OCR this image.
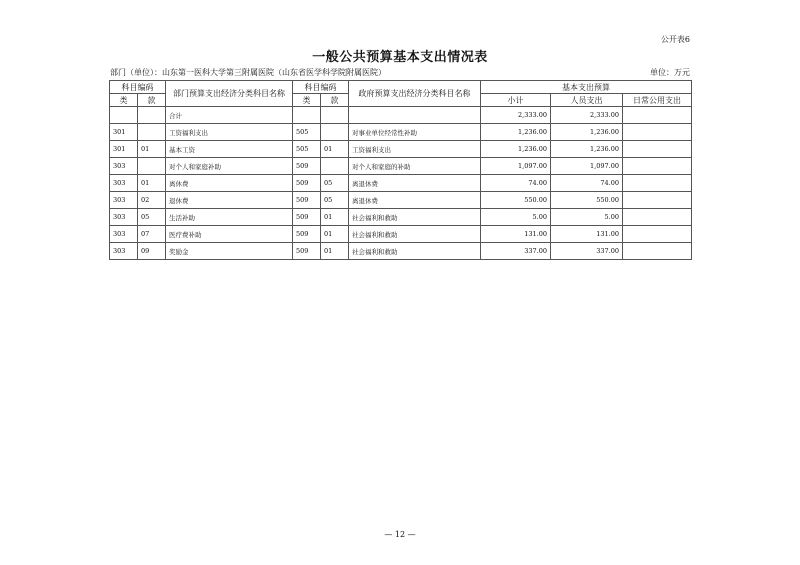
公开表6
一般公共预算基本支出情况表
部门（单位）：山东第一医科大学第三附属医院（山东省医学科学院附属医院）	单位：万元
科目编码		部门预算支出经济分类科目名称	科目编码		政府预算支出经济分类科目名称	基本支出预算		
类	款		类	款		小计	人员支出	日常公用支出
		合计				2,333.00	2,333.00	
301		工资福利支出	505		对事业单位经常性补助	1,236.00	1,236.00	
301	01	基本工资	505	01	工资福利支出	1,236.00	1,236.00	
303		对个人和家庭补助	509		对个人和家庭的补助	1,097.00	1,097.00	
303	01	离休费	509	05	离退休费	74.00	74.00	
303	02	退休费	509	05	离退休费	550.00	550.00	
303	05	生活补助	509	01	社会福利和救助	5.00	5.00	
303	07	医疗费补助	509	01	社会福利和救助	131.00	131.00	
303	09	奖励金	509	01	社会福利和救助	337.00	337.00	
— 12 —
